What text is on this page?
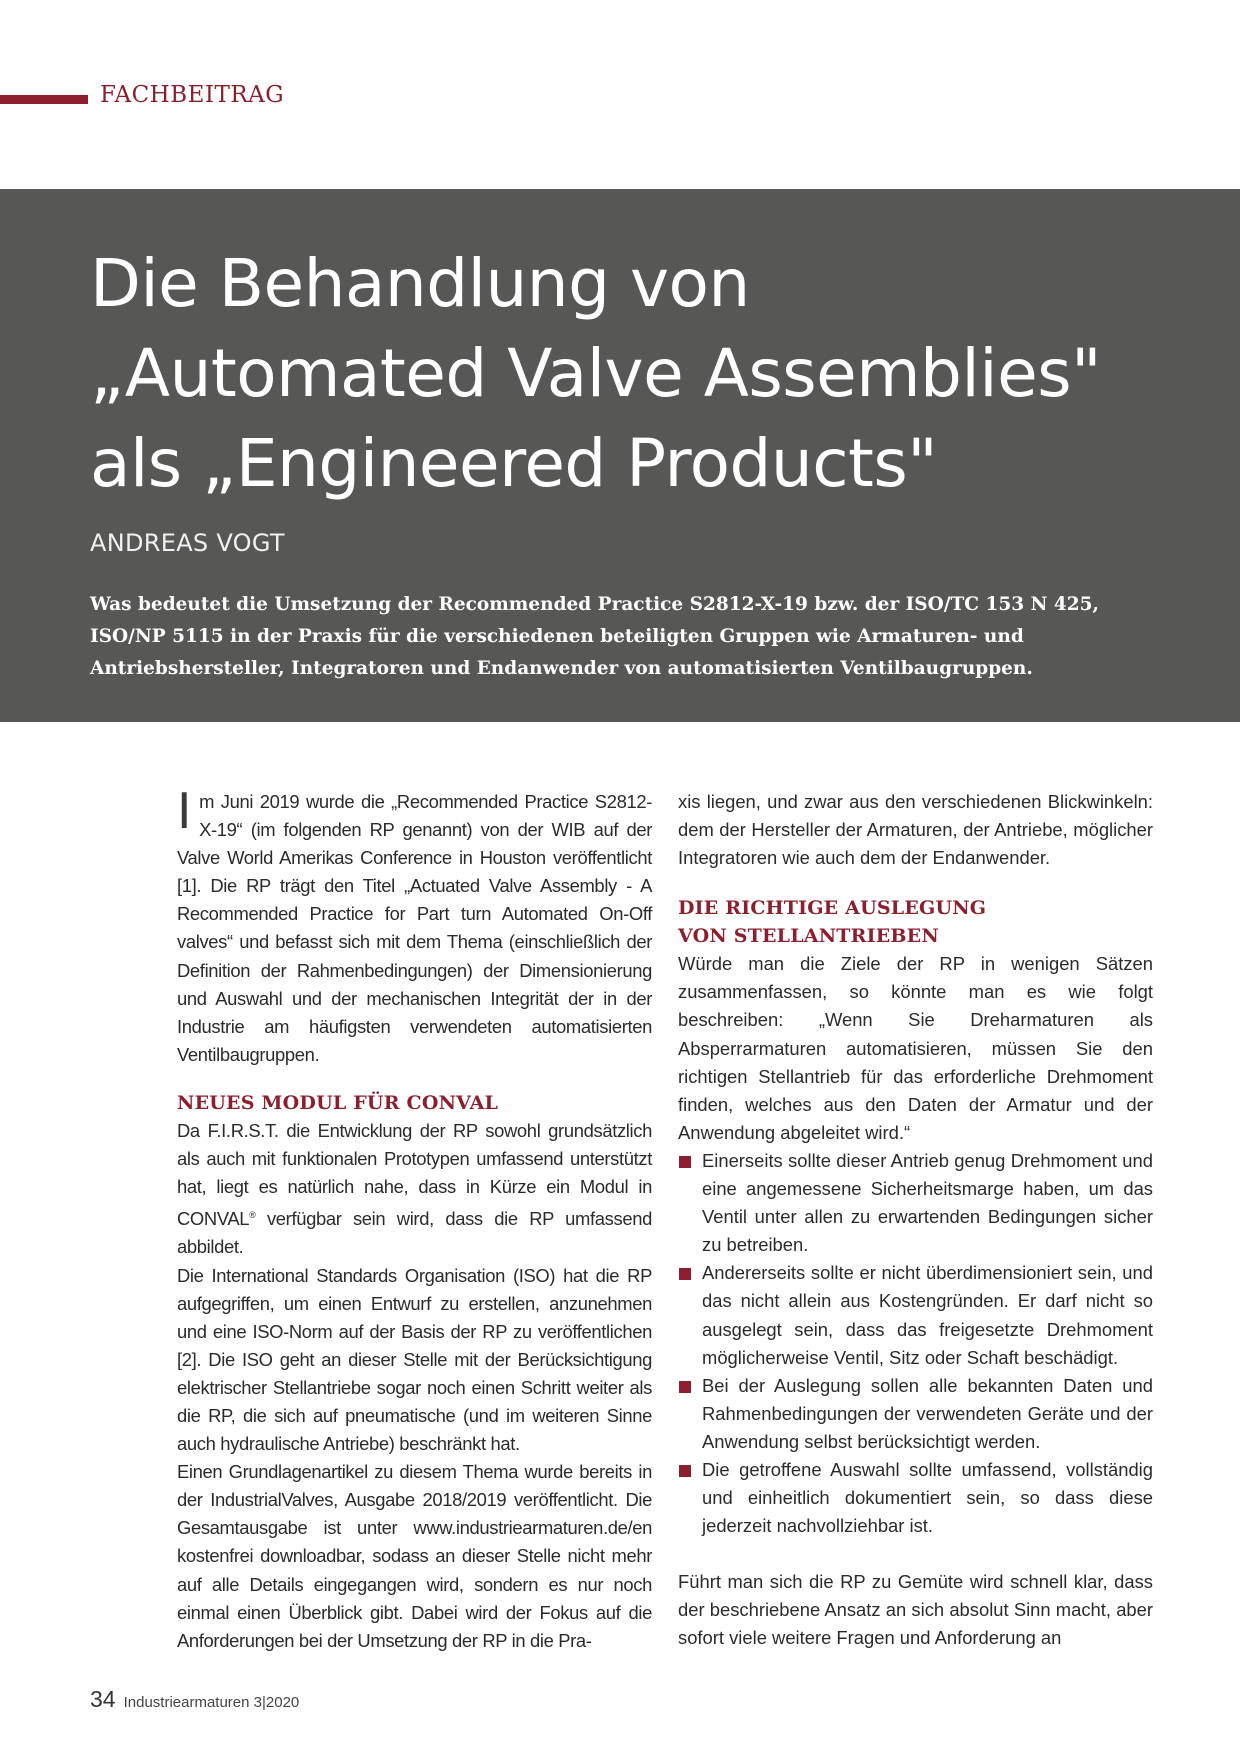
FACHBEITRAG

Die Behandlung von
„Automated Valve Assemblies"
als „Engineered Products"

ANDREAS VOGT

Was bedeutet die Umsetzung der Recommended Practice S2812-X-19 bzw. der ISO/TC 153 N 425, ISO/NP 5115 in der Praxis für die verschiedenen beteiligten Gruppen wie Armaturen- und Antriebshersteller, Integratoren und Endanwender von automatisierten Ventilbaugruppen.

Im Juni 2019 wurde die „Recommended Practice S2812-X-19“ (im folgenden RP genannt) von der WIB auf der Valve World Amerikas Conference in Houston veröffentlicht [1]. Die RP trägt den Titel „Actuated Valve Assembly - A Recommended Practice for Part turn Automated On-Off valves“ und befasst sich mit dem Thema (einschließlich der Definition der Rahmenbedingungen) der Dimensionierung und Auswahl und der mechanischen Integrität der in der Industrie am häufigsten verwendeten automatisierten Ventilbaugruppen.

NEUES MODUL FÜR CONVAL

Da F.I.R.S.T. die Entwicklung der RP sowohl grundsätzlich als auch mit funktionalen Prototypen umfassend unterstützt hat, liegt es natürlich nahe, dass in Kürze ein Modul in CONVAL® verfügbar sein wird, dass die RP umfassend abbildet.

Die International Standards Organisation (ISO) hat die RP aufgegriffen, um einen Entwurf zu erstellen, anzunehmen und eine ISO-Norm auf der Basis der RP zu veröffentlichen [2]. Die ISO geht an dieser Stelle mit der Berücksichtigung elektrischer Stellantriebe sogar noch einen Schritt weiter als die RP, die sich auf pneumatische (und im weiteren Sinne auch hydraulische Antriebe) beschränkt hat.

Einen Grundlagenartikel zu diesem Thema wurde bereits in der IndustrialValves, Ausgabe 2018/2019 veröffentlicht. Die Gesamtausgabe ist unter www.industriearmaturen.de/en kostenfrei downloadbar, sodass an dieser Stelle nicht mehr auf alle Details eingegangen wird, sondern es nur noch einmal einen Überblick gibt. Dabei wird der Fokus auf die Anforderungen bei der Umsetzung der RP in die Pra-

xis liegen, und zwar aus den verschiedenen Blickwinkeln: dem der Hersteller der Armaturen, der Antriebe, möglicher Integratoren wie auch dem der Endanwender.

DIE RICHTIGE AUSLEGUNG
VON STELLANTRIEBEN

Würde man die Ziele der RP in wenigen Sätzen zusammenfassen, so könnte man es wie folgt beschreiben: „Wenn Sie Dreharmaturen als Absperrarmaturen automatisieren, müssen Sie den richtigen Stellantrieb für das erforderliche Drehmoment finden, welches aus den Daten der Armatur und der Anwendung abgeleitet wird.“

Einerseits sollte dieser Antrieb genug Drehmoment und eine angemessene Sicherheitsmarge haben, um das Ventil unter allen zu erwartenden Bedingungen sicher zu betreiben.
Andererseits sollte er nicht überdimensioniert sein, und das nicht allein aus Kostengründen. Er darf nicht so ausgelegt sein, dass das freigesetzte Drehmoment möglicherweise Ventil, Sitz oder Schaft beschädigt.
Bei der Auslegung sollen alle bekannten Daten und Rahmenbedingungen der verwendeten Geräte und der Anwendung selbst berücksichtigt werden.
Die getroffene Auswahl sollte umfassend, vollständig und einheitlich dokumentiert sein, so dass diese jederzeit nachvollziehbar ist.

Führt man sich die RP zu Gemüte wird schnell klar, dass der beschriebene Ansatz an sich absolut Sinn macht, aber sofort viele weitere Fragen und Anforderung an

34 Industriearmaturen 3|2020
